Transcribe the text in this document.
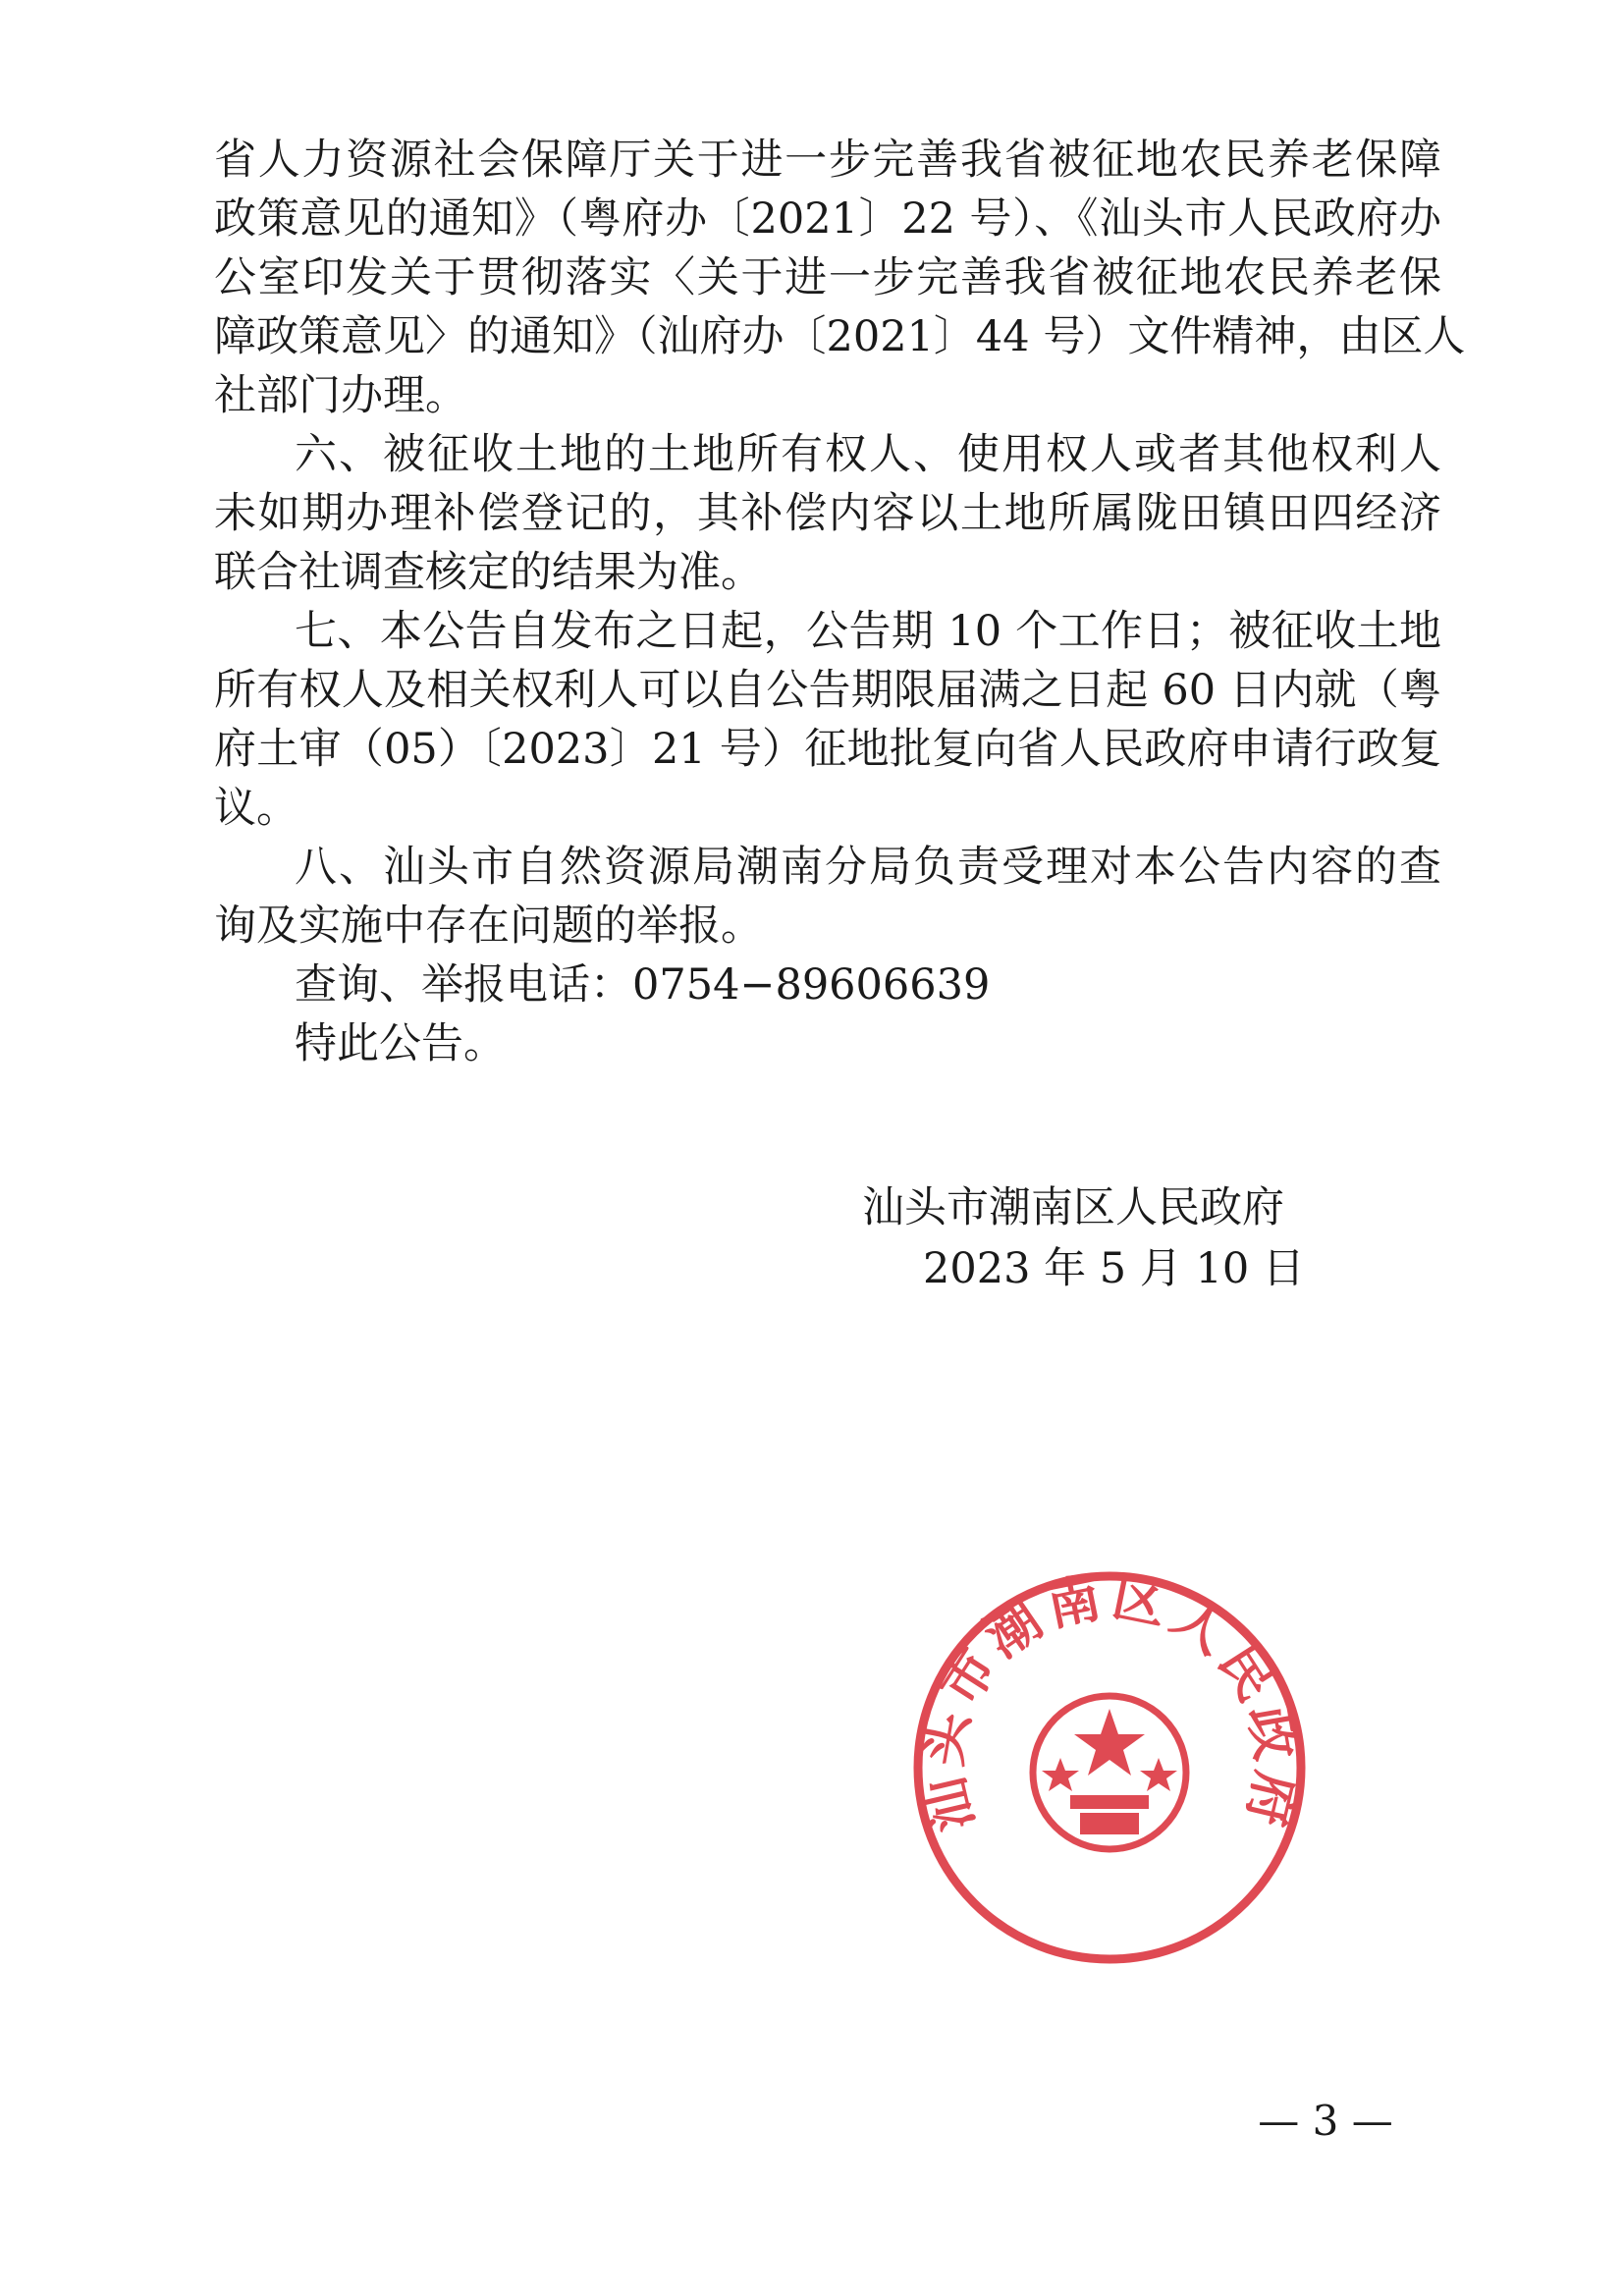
省人力资源社会保障厅关于进一步完善我省被征地农民养老保障
政策意见的通知》（粤府办〔2021〕22 号）、《汕头市人民政府办
公室印发关于贯彻落实〈关于进一步完善我省被征地农民养老保
障政策意见〉的通知》（汕府办〔2021〕44 号）文件精神，由区人
社部门办理。
六、被征收土地的土地所有权人、使用权人或者其他权利人
未如期办理补偿登记的，其补偿内容以土地所属陇田镇田四经济
联合社调查核定的结果为准。
七、本公告自发布之日起，公告期 10 个工作日；被征收土地
所有权人及相关权利人可以自公告期限届满之日起 60 日内就（粤
府土审（05）〔2023〕21 号）征地批复向省人民政府申请行政复
议。
八、汕头市自然资源局潮南分局负责受理对本公告内容的查
询及实施中存在问题的举报。
查询、举报电话：0754−89606639
特此公告。
汕头市潮南区人民政府
汕头市潮南区人民政府
2023 年 5 月 10 日
— 3 —
